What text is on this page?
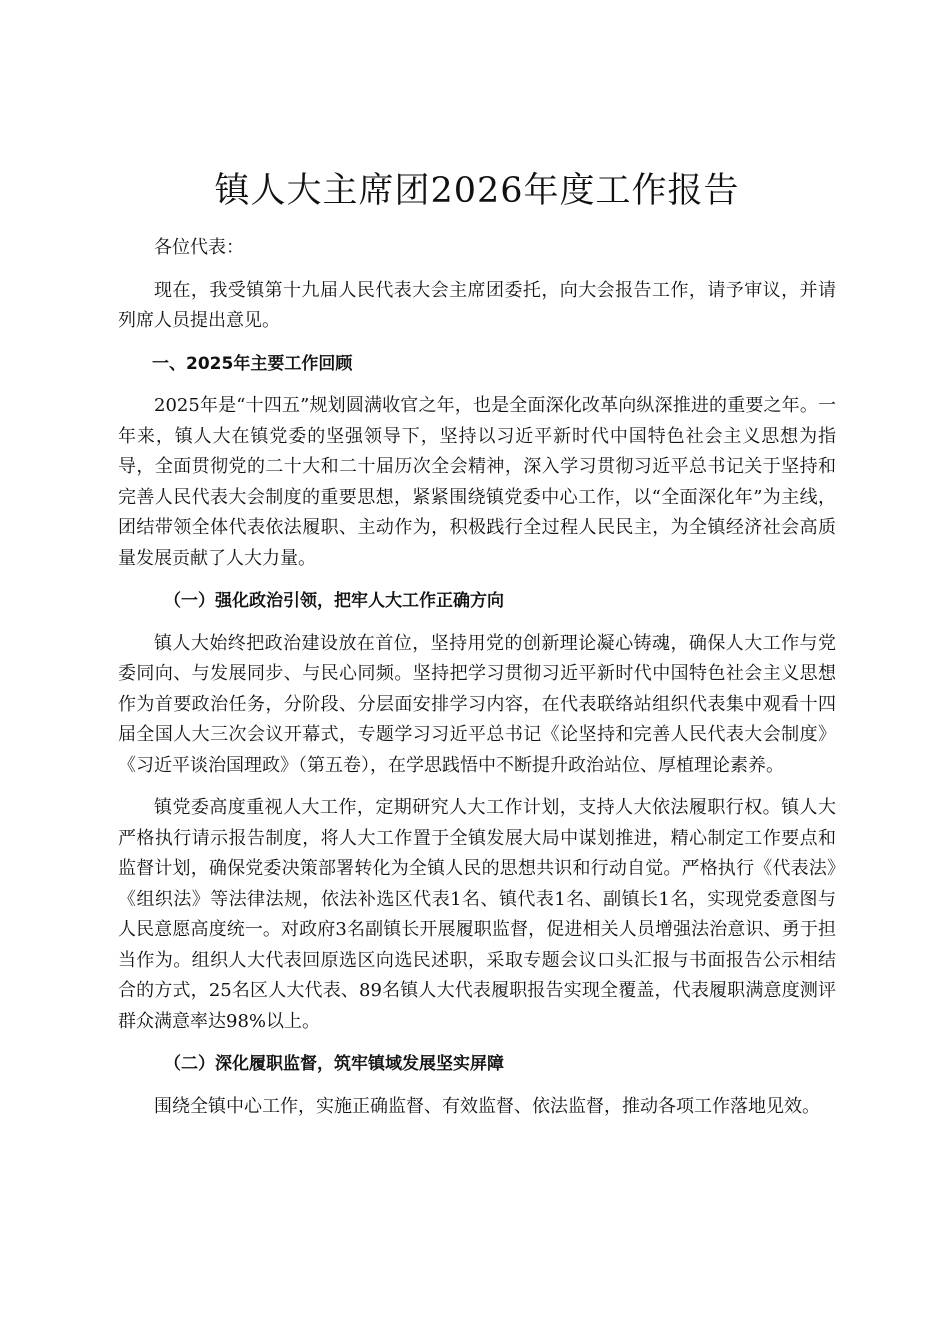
镇人大主席团2026年度工作报告

各位代表：

现在，我受镇第十九届人民代表大会主席团委托，向大会报告工作，请予审议，并请列席人员提出意见。

一、2025年主要工作回顾

2025年是“十四五”规划圆满收官之年，也是全面深化改革向纵深推进的重要之年。一年来，镇人大在镇党委的坚强领导下，坚持以习近平新时代中国特色社会主义思想为指导，全面贯彻党的二十大和二十届历次全会精神，深入学习贯彻习近平总书记关于坚持和完善人民代表大会制度的重要思想，紧紧围绕镇党委中心工作，以“全面深化年”为主线，团结带领全体代表依法履职、主动作为，积极践行全过程人民民主，为全镇经济社会高质量发展贡献了人大力量。

（一）强化政治引领，把牢人大工作正确方向

镇人大始终把政治建设放在首位，坚持用党的创新理论凝心铸魂，确保人大工作与党委同向、与发展同步、与民心同频。坚持把学习贯彻习近平新时代中国特色社会主义思想作为首要政治任务，分阶段、分层面安排学习内容，在代表联络站组织代表集中观看十四届全国人大三次会议开幕式，专题学习习近平总书记《论坚持和完善人民代表大会制度》《习近平谈治国理政》（第五卷），在学思践悟中不断提升政治站位、厚植理论素养。

镇党委高度重视人大工作，定期研究人大工作计划，支持人大依法履职行权。镇人大严格执行请示报告制度，将人大工作置于全镇发展大局中谋划推进，精心制定工作要点和监督计划，确保党委决策部署转化为全镇人民的思想共识和行动自觉。严格执行《代表法》《组织法》等法律法规，依法补选区代表1名、镇代表1名、副镇长1名，实现党委意图与人民意愿高度统一。对政府3名副镇长开展履职监督，促进相关人员增强法治意识、勇于担当作为。组织人大代表回原选区向选民述职，采取专题会议口头汇报与书面报告公示相结合的方式，25名区人大代表、89名镇人大代表履职报告实现全覆盖，代表履职满意度测评群众满意率达98%以上。

（二）深化履职监督，筑牢镇域发展坚实屏障

围绕全镇中心工作，实施正确监督、有效监督、依法监督，推动各项工作落地见效。
